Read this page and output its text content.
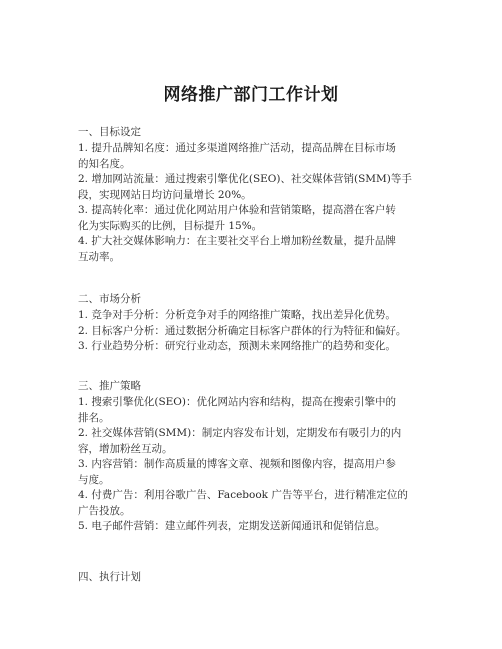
网络推广部门工作计划
一、目标设定
1. 提升品牌知名度：通过多渠道网络推广活动，提高品牌在目标市场
的知名度。
2. 增加网站流量：通过搜索引擎优化(SEO)、社交媒体营销(SMM)等手
段，实现网站日均访问量增长 20%。
3. 提高转化率：通过优化网站用户体验和营销策略，提高潜在客户转
化为实际购买的比例，目标提升 15%。
4. 扩大社交媒体影响力：在主要社交平台上增加粉丝数量，提升品牌
互动率。
二、市场分析
1. 竞争对手分析：分析竞争对手的网络推广策略，找出差异化优势。
2. 目标客户分析：通过数据分析确定目标客户群体的行为特征和偏好。
3. 行业趋势分析：研究行业动态，预测未来网络推广的趋势和变化。
三、推广策略
1. 搜索引擎优化(SEO)：优化网站内容和结构，提高在搜索引擎中的
排名。
2. 社交媒体营销(SMM)：制定内容发布计划，定期发布有吸引力的内
容，增加粉丝互动。
3. 内容营销：制作高质量的博客文章、视频和图像内容，提高用户参
与度。
4. 付费广告：利用谷歌广告、Facebook 广告等平台，进行精准定位的
广告投放。
5. 电子邮件营销：建立邮件列表，定期发送新闻通讯和促销信息。
四、执行计划
